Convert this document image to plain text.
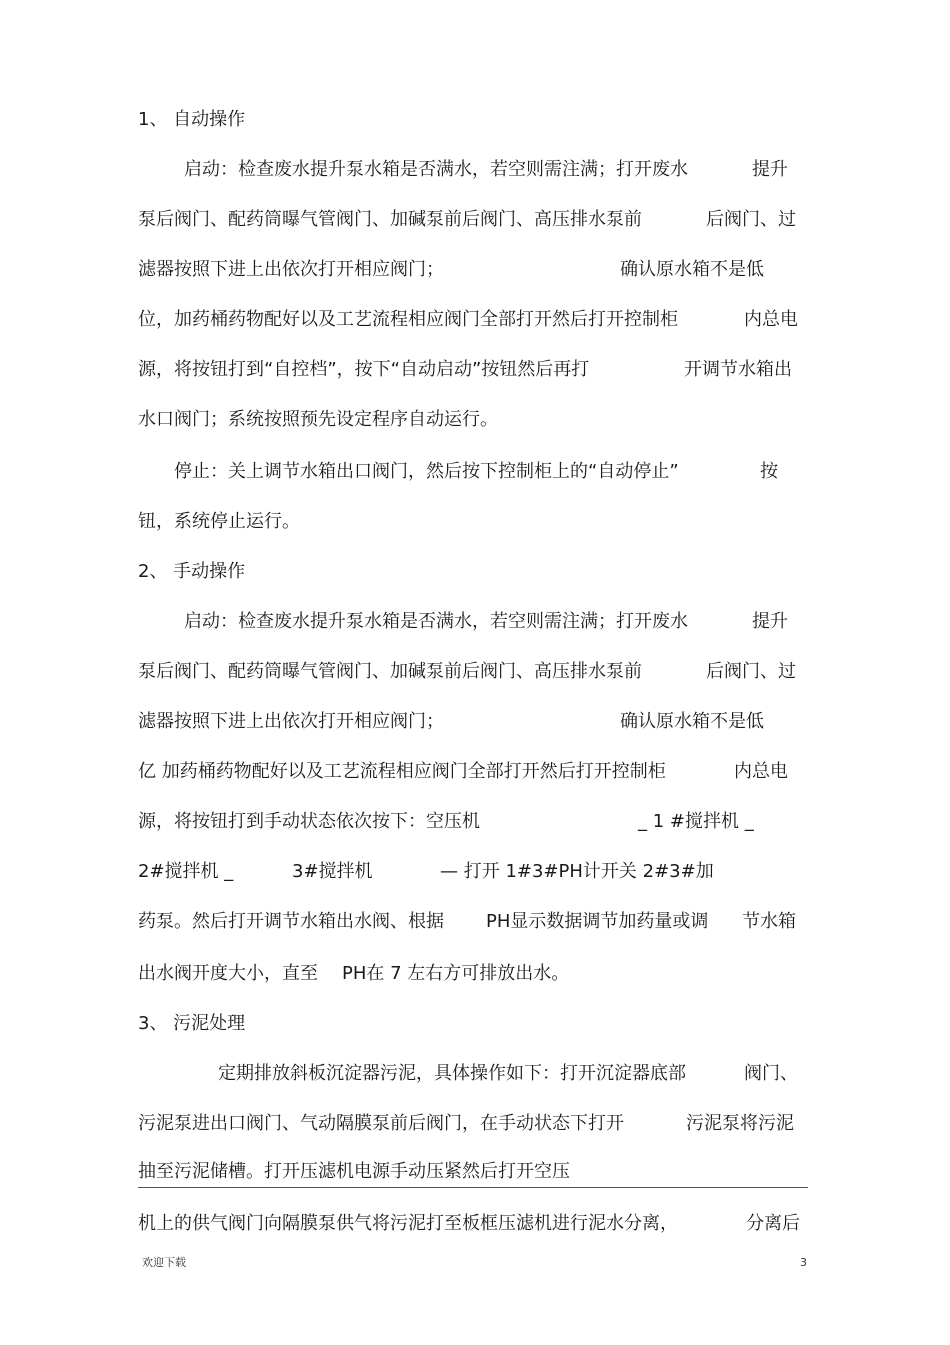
1、 自动操作
启动：检查废水提升泵水箱是否满水，若空则需注满；打开废水	提升
泵后阀门、配药筒曝气管阀门、加碱泵前后阀门、高压排水泵前	后阀门、过
滤器按照下进上出依次打开相应阀门；	确认原水箱不是低
位，加药桶药物配好以及工艺流程相应阀门全部打开然后打开控制柜	内总电
源，将按钮打到“自控档”，按下“自动启动”按钮然后再打	开调节水箱出
水口阀门；系统按照预先设定程序自动运行。
停止：关上调节水箱出口阀门，然后按下控制柜上的“自动停止”	按
钮，系统停止运行。
2、 手动操作
启动：检查废水提升泵水箱是否满水，若空则需注满；打开废水	提升
泵后阀门、配药筒曝气管阀门、加碱泵前后阀门、高压排水泵前	后阀门、过
滤器按照下进上出依次打开相应阀门；	确认原水箱不是低
亿 加药桶药物配好以及工艺流程相应阀门全部打开然后打开控制柜	内总电
源，将按钮打到手动状态依次按下：空压机	_ 1 #搅拌机 _
2#搅拌机 _	3#搅拌机	— 打开 1#3#PH计开关 2#3#加
药泵。然后打开调节水箱出水阀、根据 PH显示数据调节加药量或调 节水箱
出水阀开度大小，直至 PH在 7 左右方可排放出水。
3、 污泥处理
定期排放斜板沉淀器污泥，具体操作如下：打开沉淀器底部	阀门、
污泥泵进出口阀门、气动隔膜泵前后阀门，在手动状态下打开	污泥泵将污泥
抽至污泥储槽。打开压滤机电源手动压紧然后打开空压
机上的供气阀门向隔膜泵供气将污泥打至板框压滤机进行泥水分离，	分离后
欢迎下载	3
